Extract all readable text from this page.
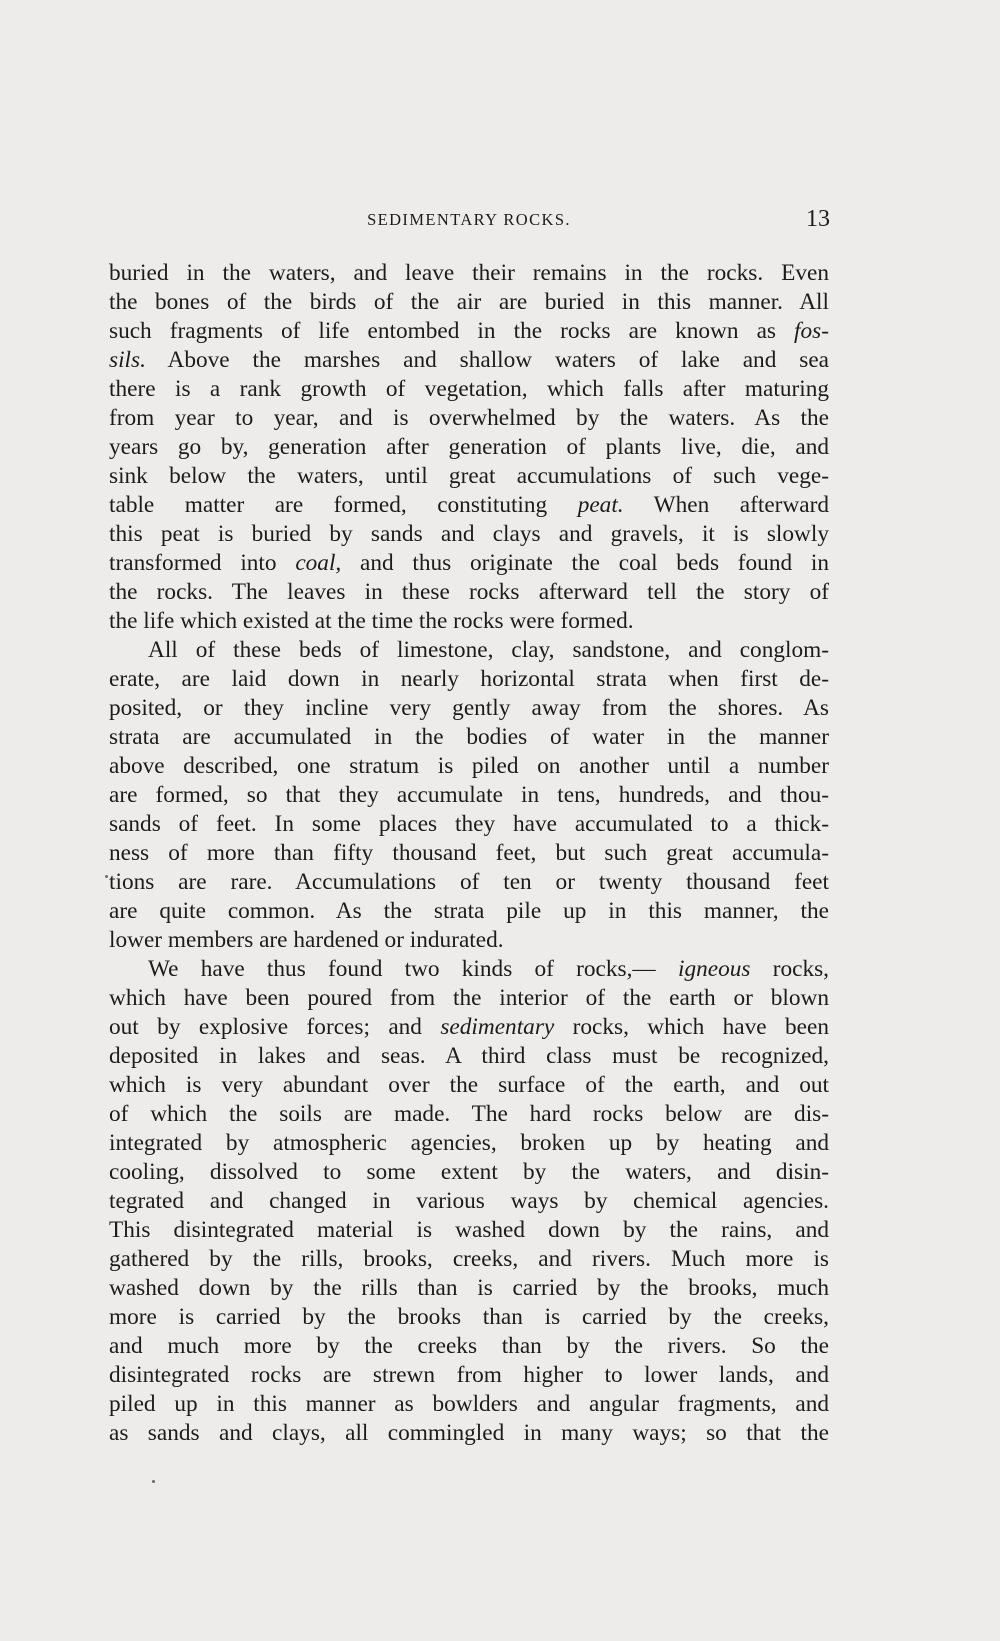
SEDIMENTARY ROCKS.	13
buried in the waters, and leave their remains in the rocks. Even
the bones of the birds of the air are buried in this manner. All
such fragments of life entombed in the rocks are known as fos-
sils. Above the marshes and shallow waters of lake and sea
there is a rank growth of vegetation, which falls after maturing
from year to year, and is overwhelmed by the waters. As the
years go by, generation after generation of plants live, die, and
sink below the waters, until great accumulations of such vege-
table matter are formed, constituting peat. When afterward
this peat is buried by sands and clays and gravels, it is slowly
transformed into coal, and thus originate the coal beds found in
the rocks. The leaves in these rocks afterward tell the story of
the life which existed at the time the rocks were formed.
All of these beds of limestone, clay, sandstone, and conglom-
erate, are laid down in nearly horizontal strata when first de-
posited, or they incline very gently away from the shores. As
strata are accumulated in the bodies of water in the manner
above described, one stratum is piled on another until a number
are formed, so that they accumulate in tens, hundreds, and thou-
sands of feet. In some places they have accumulated to a thick-
ness of more than fifty thousand feet, but such great accumula-
tions are rare. Accumulations of ten or twenty thousand feet
are quite common. As the strata pile up in this manner, the
lower members are hardened or indurated.
We have thus found two kinds of rocks,— igneous rocks,
which have been poured from the interior of the earth or blown
out by explosive forces; and sedimentary rocks, which have been
deposited in lakes and seas. A third class must be recognized,
which is very abundant over the surface of the earth, and out
of which the soils are made. The hard rocks below are dis-
integrated by atmospheric agencies, broken up by heating and
cooling, dissolved to some extent by the waters, and disin-
tegrated and changed in various ways by chemical agencies.
This disintegrated material is washed down by the rains, and
gathered by the rills, brooks, creeks, and rivers. Much more is
washed down by the rills than is carried by the brooks, much
more is carried by the brooks than is carried by the creeks,
and much more by the creeks than by the rivers. So the
disintegrated rocks are strewn from higher to lower lands, and
piled up in this manner as bowlders and angular fragments, and
as sands and clays, all commingled in many ways; so that the
